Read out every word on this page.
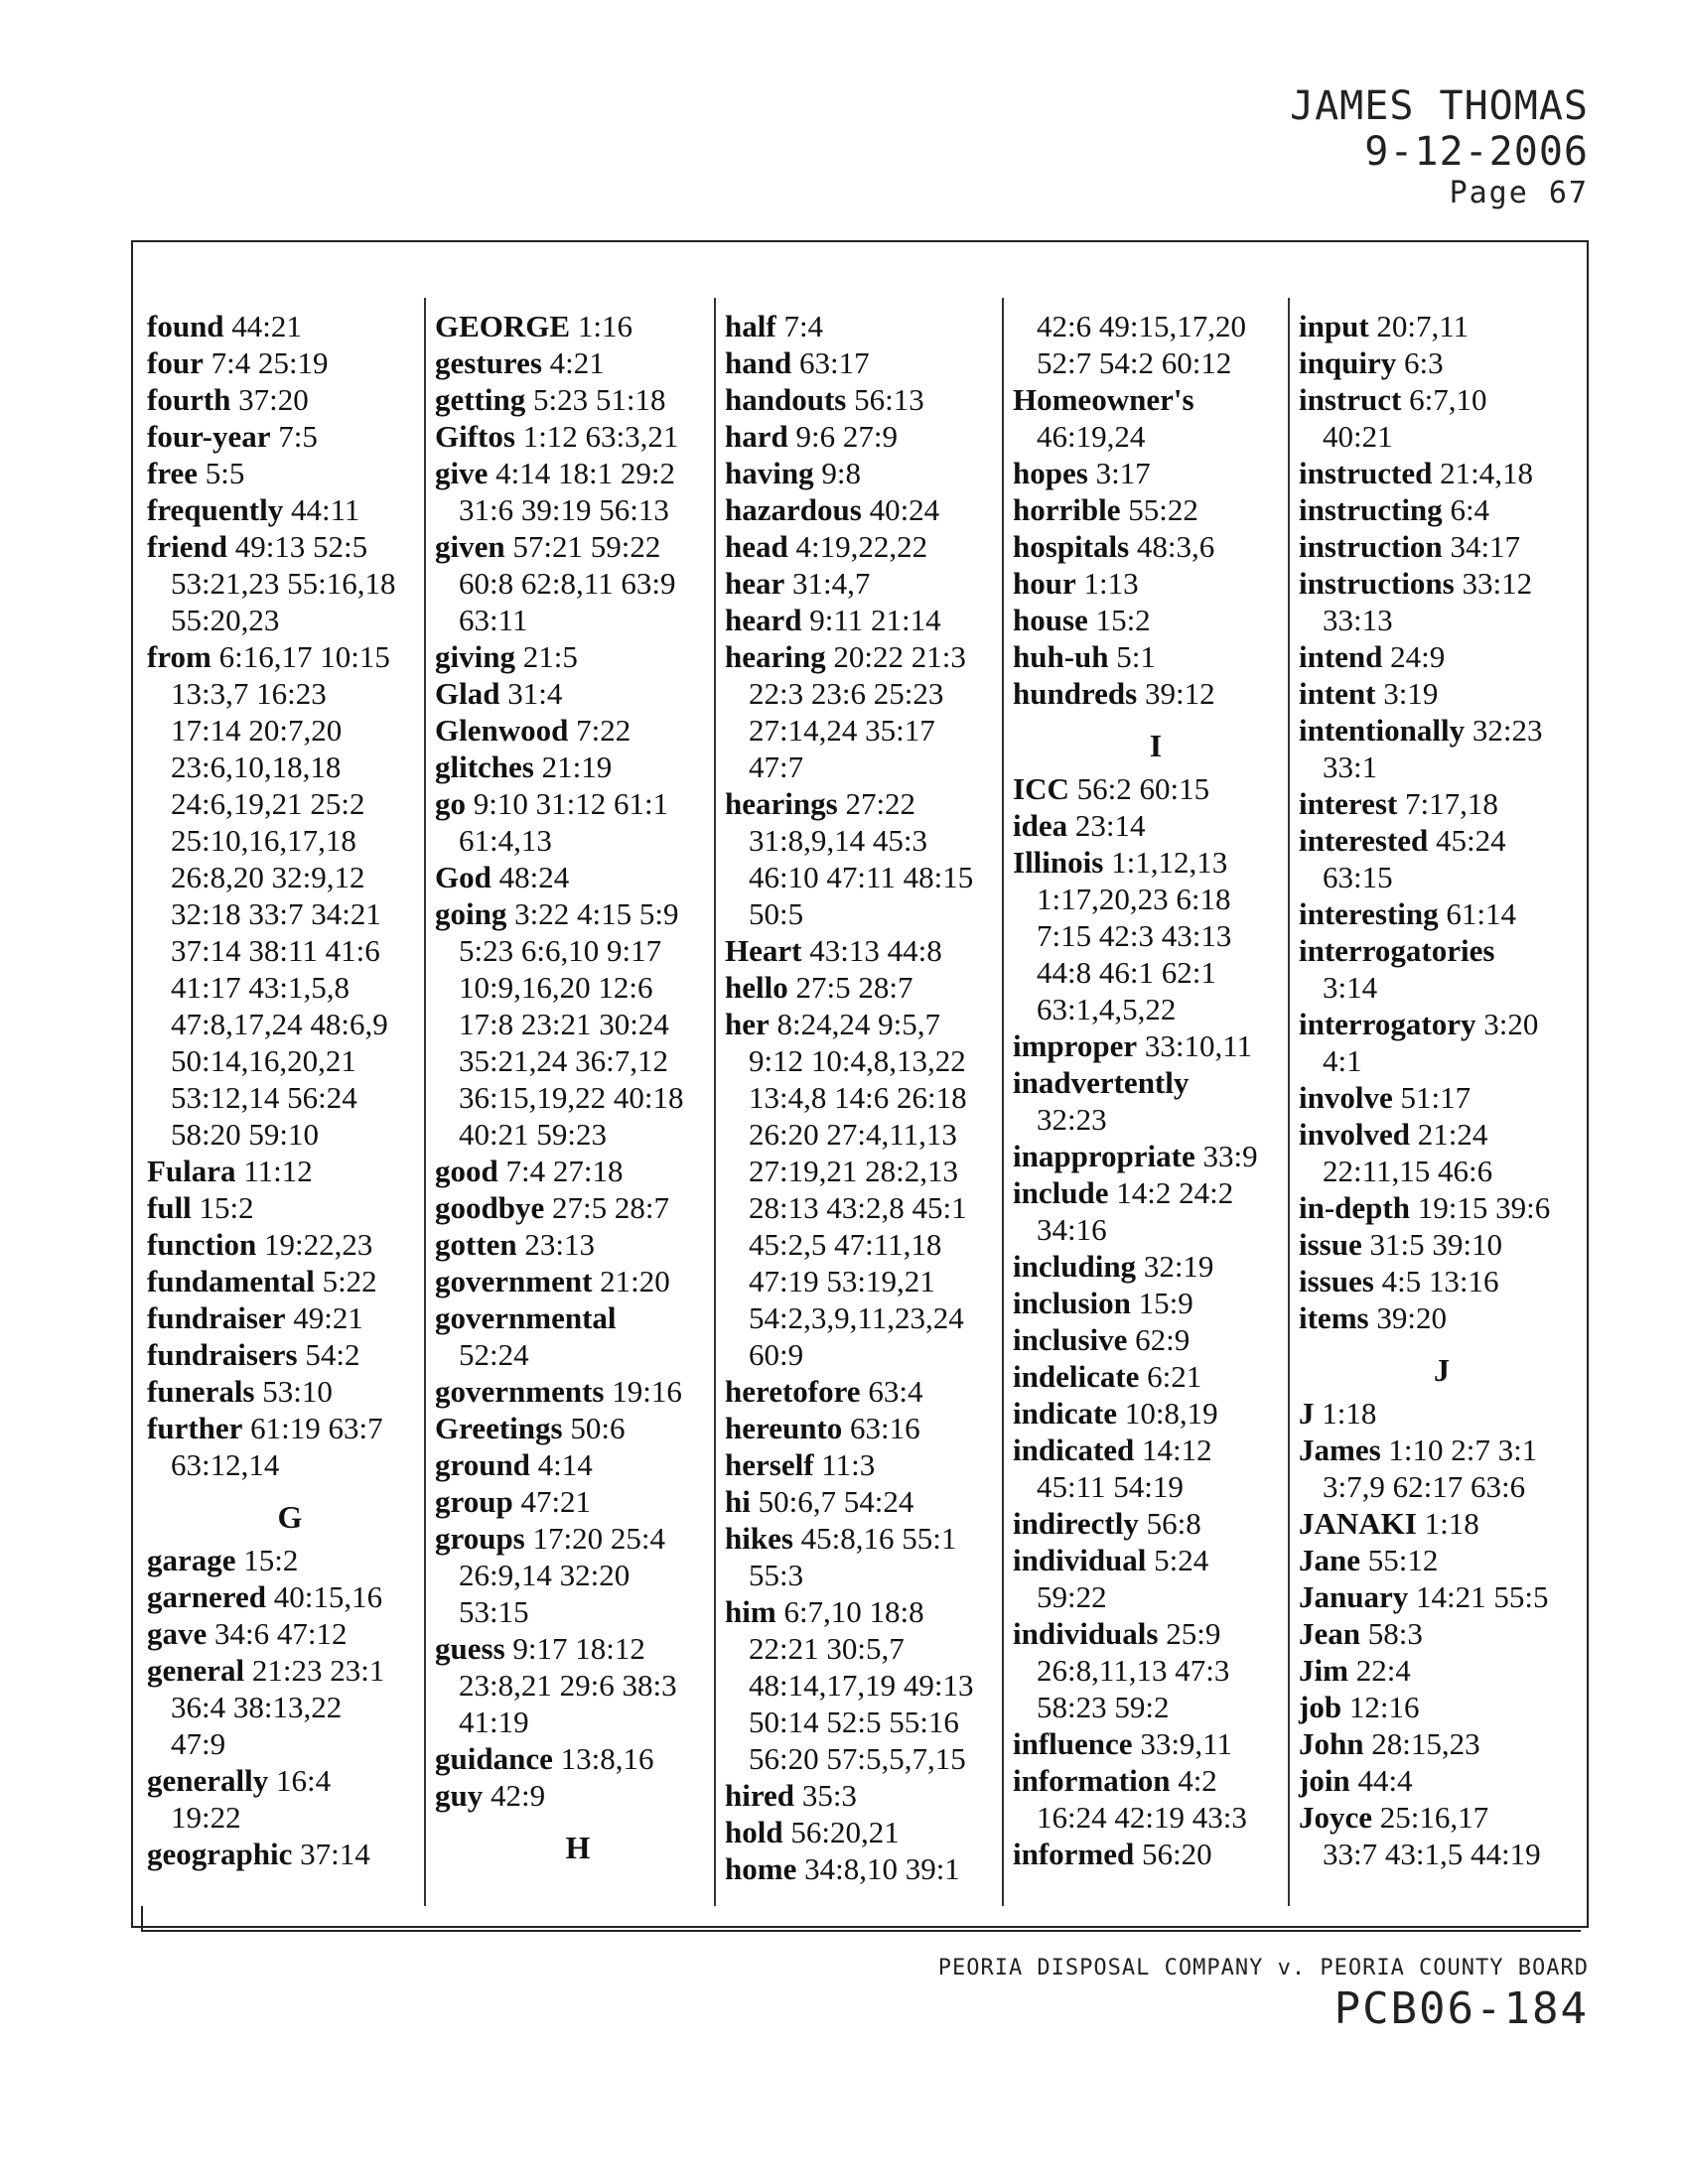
JAMES THOMAS
9-12-2006
Page 67
found 44:21
four 7:4 25:19
fourth 37:20
four-year 7:5
free 5:5
frequently 44:11
friend 49:13 52:5
53:21,23 55:16,18
55:20,23
from 6:16,17 10:15
13:3,7 16:23
17:14 20:7,20
23:6,10,18,18
24:6,19,21 25:2
25:10,16,17,18
26:8,20 32:9,12
32:18 33:7 34:21
37:14 38:11 41:6
41:17 43:1,5,8
47:8,17,24 48:6,9
50:14,16,20,21
53:12,14 56:24
58:20 59:10
Fulara 11:12
full 15:2
function 19:22,23
fundamental 5:22
fundraiser 49:21
fundraisers 54:2
funerals 53:10
further 61:19 63:7
63:12,14
G
garage 15:2
garnered 40:15,16
gave 34:6 47:12
general 21:23 23:1
36:4 38:13,22
47:9
generally 16:4
19:22
geographic 37:14
GEORGE 1:16
gestures 4:21
getting 5:23 51:18
Giftos 1:12 63:3,21
give 4:14 18:1 29:2
31:6 39:19 56:13
given 57:21 59:22
60:8 62:8,11 63:9
63:11
giving 21:5
Glad 31:4
Glenwood 7:22
glitches 21:19
go 9:10 31:12 61:1
61:4,13
God 48:24
going 3:22 4:15 5:9
5:23 6:6,10 9:17
10:9,16,20 12:6
17:8 23:21 30:24
35:21,24 36:7,12
36:15,19,22 40:18
40:21 59:23
good 7:4 27:18
goodbye 27:5 28:7
gotten 23:13
government 21:20
governmental
52:24
governments 19:16
Greetings 50:6
ground 4:14
group 47:21
groups 17:20 25:4
26:9,14 32:20
53:15
guess 9:17 18:12
23:8,21 29:6 38:3
41:19
guidance 13:8,16
guy 42:9
H
half 7:4
hand 63:17
handouts 56:13
hard 9:6 27:9
having 9:8
hazardous 40:24
head 4:19,22,22
hear 31:4,7
heard 9:11 21:14
hearing 20:22 21:3
22:3 23:6 25:23
27:14,24 35:17
47:7
hearings 27:22
31:8,9,14 45:3
46:10 47:11 48:15
50:5
Heart 43:13 44:8
hello 27:5 28:7
her 8:24,24 9:5,7
9:12 10:4,8,13,22
13:4,8 14:6 26:18
26:20 27:4,11,13
27:19,21 28:2,13
28:13 43:2,8 45:1
45:2,5 47:11,18
47:19 53:19,21
54:2,3,9,11,23,24
60:9
heretofore 63:4
hereunto 63:16
herself 11:3
hi 50:6,7 54:24
hikes 45:8,16 55:1
55:3
him 6:7,10 18:8
22:21 30:5,7
48:14,17,19 49:13
50:14 52:5 55:16
56:20 57:5,5,7,15
hired 35:3
hold 56:20,21
home 34:8,10 39:1
42:6 49:15,17,20
52:7 54:2 60:12
Homeowner's
46:19,24
hopes 3:17
horrible 55:22
hospitals 48:3,6
hour 1:13
house 15:2
huh-uh 5:1
hundreds 39:12
I
ICC 56:2 60:15
idea 23:14
Illinois 1:1,12,13
1:17,20,23 6:18
7:15 42:3 43:13
44:8 46:1 62:1
63:1,4,5,22
improper 33:10,11
inadvertently
32:23
inappropriate 33:9
include 14:2 24:2
34:16
including 32:19
inclusion 15:9
inclusive 62:9
indelicate 6:21
indicate 10:8,19
indicated 14:12
45:11 54:19
indirectly 56:8
individual 5:24
59:22
individuals 25:9
26:8,11,13 47:3
58:23 59:2
influence 33:9,11
information 4:2
16:24 42:19 43:3
informed 56:20
input 20:7,11
inquiry 6:3
instruct 6:7,10
40:21
instructed 21:4,18
instructing 6:4
instruction 34:17
instructions 33:12
33:13
intend 24:9
intent 3:19
intentionally 32:23
33:1
interest 7:17,18
interested 45:24
63:15
interesting 61:14
interrogatories
3:14
interrogatory 3:20
4:1
involve 51:17
involved 21:24
22:11,15 46:6
in-depth 19:15 39:6
issue 31:5 39:10
issues 4:5 13:16
items 39:20
J
J 1:18
James 1:10 2:7 3:1
3:7,9 62:17 63:6
JANAKI 1:18
Jane 55:12
January 14:21 55:5
Jean 58:3
Jim 22:4
job 12:16
John 28:15,23
join 44:4
Joyce 25:16,17
33:7 43:1,5 44:19
PEORIA DISPOSAL COMPANY v. PEORIA COUNTY BOARD
PCB06-184
